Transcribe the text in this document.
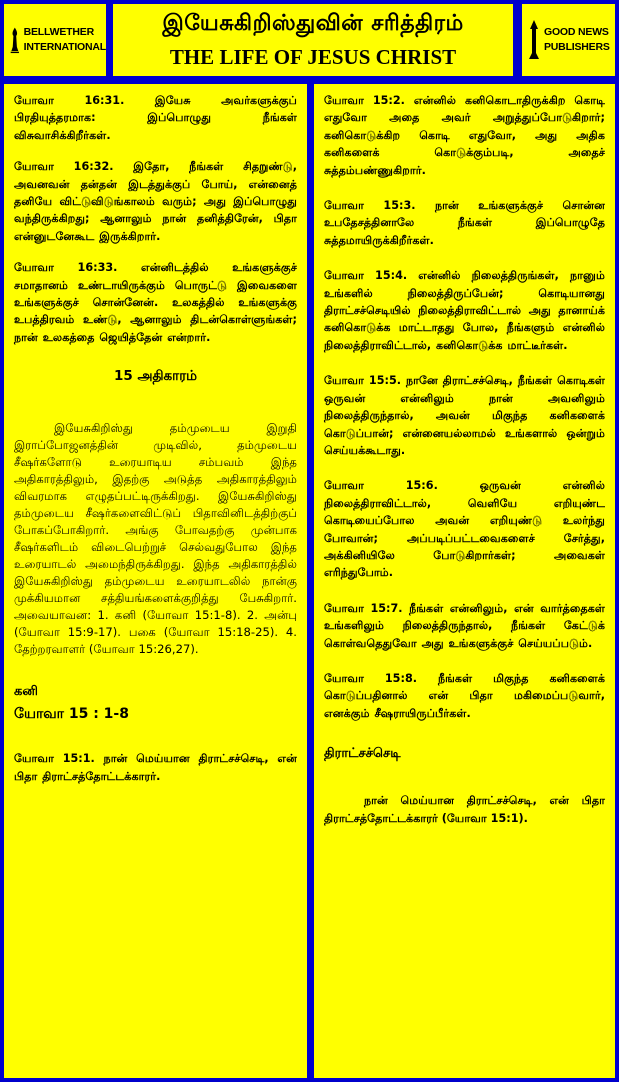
BELLWETHER
INTERNATIONAL
இயேசுகிறிஸ்துவின் சரித்திரம்
THE LIFE OF JESUS CHRIST
GOOD NEWS
PUBLISHERS

யோவா 16:31. இயேசு அவர்களுக்குப் பிரதியுத்தரமாக: இப்பொழுது நீங்கள் விசுவாசிக்கிறீர்கள்.

யோவா 16:32. இதோ, நீங்கள் சிதறுண்டு, அவனவன் தன்தன் இடத்துக்குப் போய், என்னைத் தனியே விட்டுவிடுங்காலம் வரும்; அது இப்பொழுது வந்திருக்கிறது; ஆனாலும் நான் தனித்திரேன், பிதா என்னுடனேகூட இருக்கிறார்.

யோவா 16:33. என்னிடத்தில் உங்களுக்குச் சமாதானம் உண்டாயிருக்கும் பொருட்டு இவைகளை உங்களுக்குச் சொன்னேன். உலகத்தில் உங்களுக்கு உபத்திரவம் உண்டு, ஆனாலும் திடன்கொள்ளுங்கள்; நான் உலகத்தை ஜெயித்தேன் என்றார்.

15 அதிகாரம்

இயேசுகிறிஸ்து தம்முடைய இறுதி இராப்போஜனத்தின் முடிவில், தம்முடைய சீஷர்களோடு உரையாடிய சம்பவம் இந்த அதிகாரத்திலும், இதற்கு அடுத்த அதிகாரத்திலும் விவரமாக எழுதப்பட்டிருக்கிறது. இயேசுகிறிஸ்து தம்முடைய சீஷர்களைவிட்டுப் பிதாவினிடத்திற்குப் போகப்போகிறார். அங்கு போவதற்கு முன்பாக சீஷர்களிடம் விடைபெற்றுச் செல்வதுபோல இந்த உரையாடல் அமைந்திருக்கிறது. இந்த அதிகாரத்தில் இயேசுகிறிஸ்து தம்முடைய உரையாடலில் நான்கு முக்கியமான சத்தியங்களைக்குறித்து பேசுகிறார். அவையாவன: 1. கனி (யோவா 15:1-8). 2. அன்பு (யோவா 15:9-17). பகை (யோவா 15:18-25). 4. தேற்றரவாளர் (யோவா 15:26,27).

கனி
யோவா 15 : 1-8

யோவா 15:1. நான் மெய்யான திராட்சச்செடி, என் பிதா திராட்சத்தோட்டக்காரர்.

யோவா 15:2. என்னில் கனிகொடாதிருக்கிற கொடி எதுவோ அதை அவர் அறுத்துப்போடுகிறார்; கனிகொடுக்கிற கொடி எதுவோ, அது அதிக கனிகளைக் கொடுக்கும்படி, அதைச் சுத்தம்பண்ணுகிறார்.

யோவா 15:3. நான் உங்களுக்குச் சொன்ன உபதேசத்தினாலே நீங்கள் இப்பொழுதே சுத்தமாயிருக்கிறீர்கள்.

யோவா 15:4. என்னில் நிலைத்திருங்கள், நானும் உங்களில் நிலைத்திருப்பேன்; கொடியானது திராட்சச்செடியில் நிலைத்திராவிட்டால் அது தானாய்க் கனிகொடுக்க மாட்டாதது போல, நீங்களும் என்னில் நிலைத்திராவிட்டால், கனிகொடுக்க மாட்டீர்கள்.

யோவா 15:5. நானே திராட்சச்செடி, நீங்கள் கொடிகள் ஒருவன் என்னிலும் நான் அவனிலும் நிலைத்திருந்தால், அவன் மிகுந்த கனிகளைக் கொடுப்பான்; என்னையல்லாமல் உங்களால் ஒன்றும் செய்யக்கூடாது.

யோவா 15:6. ஒருவன் என்னில் நிலைத்திராவிட்டால், வெளியே எறியுண்ட கொடியைப்போல அவன் எறியுண்டு உலர்ந்து போவான்; அப்படிப்பட்டவைகளைச் சேர்த்து, அக்கினியிலே போடுகிறார்கள்; அவைகள் எரிந்துபோம்.

யோவா 15:7. நீங்கள் என்னிலும், என் வார்த்தைகள் உங்களிலும் நிலைத்திருந்தால், நீங்கள் கேட்டுக் கொள்வதெதுவோ அது உங்களுக்குச் செய்யப்படும்.

யோவா 15:8. நீங்கள் மிகுந்த கனிகளைக் கொடுப்பதினால் என் பிதா மகிமைப்படுவார், எனக்கும் சீஷராயிருப்பீர்கள்.

திராட்சச்செடி

நான் மெய்யான திராட்சச்செடி, என் பிதா திராட்சத்தோட்டக்காரர் (யோவா 15:1).
